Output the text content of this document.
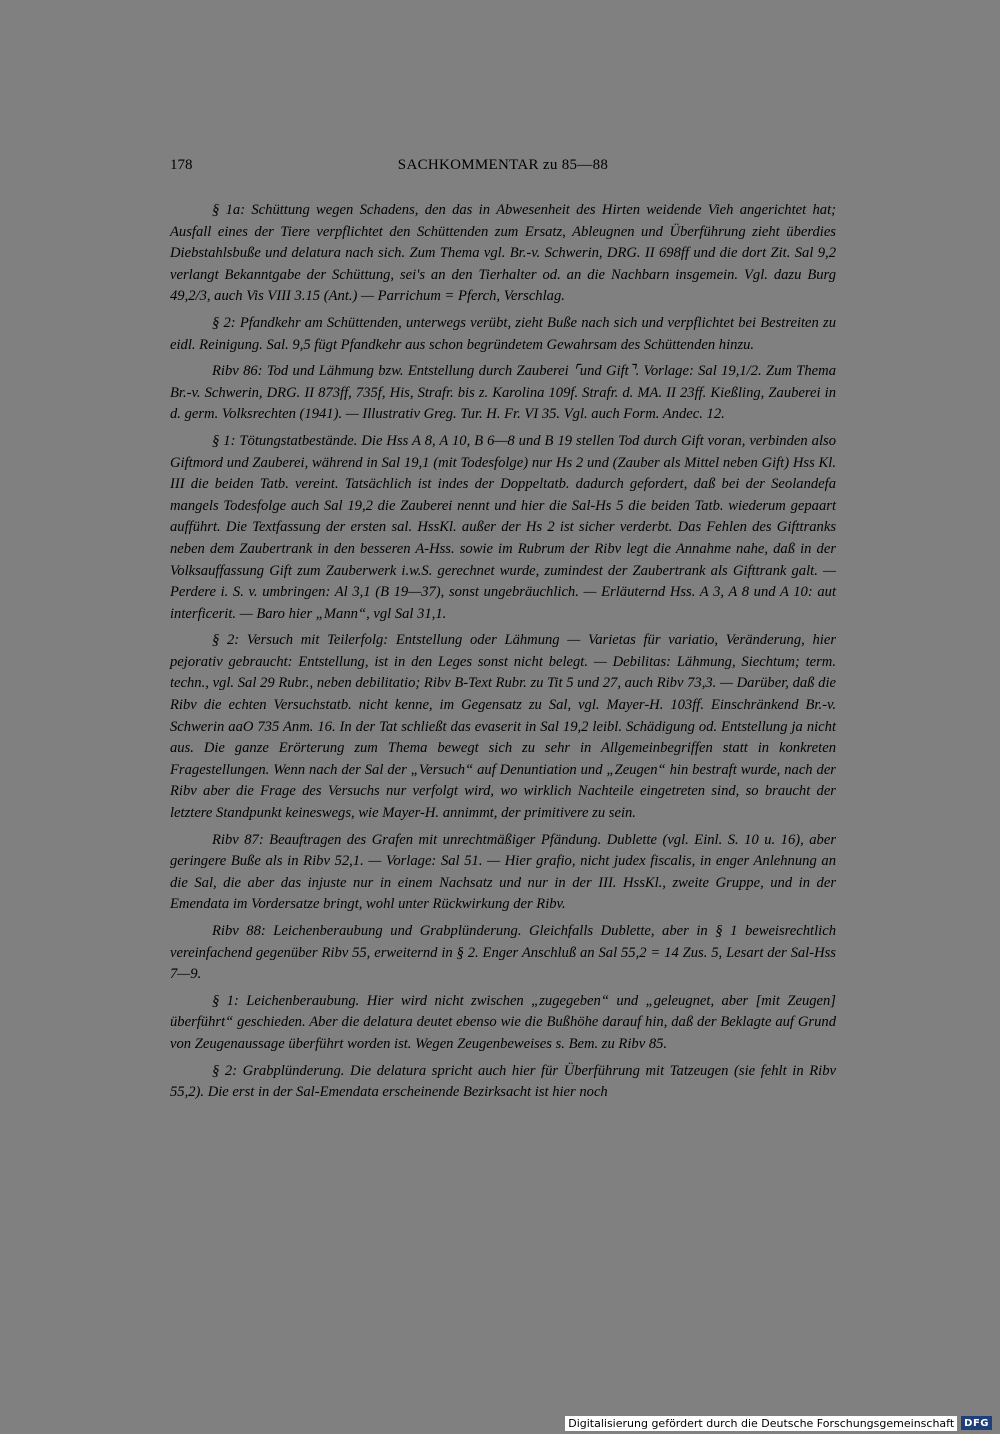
178	SACHKOMMENTAR zu 85—88

§ 1a: Schüttung wegen Schadens, den das in Abwesenheit des Hirten weidende Vieh angerichtet hat; Ausfall eines der Tiere verpflichtet den Schüttenden zum Ersatz, Ableugnen und Überführung zieht überdies Diebstahlsbuße und delatura nach sich. Zum Thema vgl. Br.-v. Schwerin, DRG. II 698ff und die dort Zit. Sal 9,2 verlangt Bekanntgabe der Schüttung, sei's an den Tierhalter od. an die Nachbarn insgemein. Vgl. dazu Burg 49,2/3, auch Vis VIII 3.15 (Ant.) — Parrichum = Pferch, Verschlag.

§ 2: Pfandkehr am Schüttenden, unterwegs verübt, zieht Buße nach sich und verpflichtet bei Bestreiten zu eidl. Reinigung. Sal. 9,5 fügt Pfandkehr aus schon begründetem Gewahrsam des Schüttenden hinzu.

Ribv 86: Tod und Lähmung bzw. Entstellung durch Zauberei ⌜und Gift⌝. Vorlage: Sal 19,1/2. Zum Thema Br.-v. Schwerin, DRG. II 873ff, 735f, His, Strafr. bis z. Karolina 109f. Strafr. d. MA. II 23ff. Kießling, Zauberei in d. germ. Volksrechten (1941). — Illustrativ Greg. Tur. H. Fr. VI 35. Vgl. auch Form. Andec. 12.

§ 1: Tötungstatbestände. Die Hss A 8, A 10, B 6—8 und B 19 stellen Tod durch Gift voran, verbinden also Giftmord und Zauberei, während in Sal 19,1 (mit Todesfolge) nur Hs 2 und (Zauber als Mittel neben Gift) Hss Kl. III die beiden Tatb. vereint. Tatsächlich ist indes der Doppeltatb. dadurch gefordert, daß bei der Seolandefa mangels Todesfolge auch Sal 19,2 die Zauberei nennt und hier die Sal-Hs 5 die beiden Tatb. wiederum gepaart aufführt. Die Textfassung der ersten sal. HssKl. außer der Hs 2 ist sicher verderbt. Das Fehlen des Gifttranks neben dem Zaubertrank in den besseren A-Hss. sowie im Rubrum der Ribv legt die Annahme nahe, daß in der Volksauffassung Gift zum Zauberwerk i.w.S. gerechnet wurde, zumindest der Zaubertrank als Gifttrank galt. — Perdere i. S. v. umbringen: Al 3,1 (B 19—37), sonst ungebräuchlich. — Erläuternd Hss. A 3, A 8 und A 10: aut interficerit. — Baro hier „Mann“, vgl Sal 31,1.

§ 2: Versuch mit Teilerfolg: Entstellung oder Lähmung — Varietas für variatio, Veränderung, hier pejorativ gebraucht: Entstellung, ist in den Leges sonst nicht belegt. — Debilitas: Lähmung, Siechtum; term. techn., vgl. Sal 29 Rubr., neben debilitatio; Ribv B-Text Rubr. zu Tit 5 und 27, auch Ribv 73,3. — Darüber, daß die Ribv die echten Versuchstatb. nicht kenne, im Gegensatz zu Sal, vgl. Mayer-H. 103ff. Einschränkend Br.-v. Schwerin aaO 735 Anm. 16. In der Tat schließt das evaserit in Sal 19,2 leibl. Schädigung od. Entstellung ja nicht aus. Die ganze Erörterung zum Thema bewegt sich zu sehr in Allgemeinbegriffen statt in konkreten Fragestellungen. Wenn nach der Sal der „Versuch“ auf Denuntiation und „Zeugen“ hin bestraft wurde, nach der Ribv aber die Frage des Versuchs nur verfolgt wird, wo wirklich Nachteile eingetreten sind, so braucht der letztere Standpunkt keineswegs, wie Mayer-H. annimmt, der primitivere zu sein.

Ribv 87: Beauftragen des Grafen mit unrechtmäßiger Pfändung. Dublette (vgl. Einl. S. 10 u. 16), aber geringere Buße als in Ribv 52,1. — Vorlage: Sal 51. — Hier grafio, nicht judex fiscalis, in enger Anlehnung an die Sal, die aber das injuste nur in einem Nachsatz und nur in der III. HssKl., zweite Gruppe, und in der Emendata im Vordersatze bringt, wohl unter Rückwirkung der Ribv.

Ribv 88: Leichenberaubung und Grabplünderung. Gleichfalls Dublette, aber in § 1 beweisrechtlich vereinfachend gegenüber Ribv 55, erweiternd in § 2. Enger Anschluß an Sal 55,2 = 14 Zus. 5, Lesart der Sal-Hss 7—9.

§ 1: Leichenberaubung. Hier wird nicht zwischen „zugegeben“ und „geleugnet, aber [mit Zeugen] überführt“ geschieden. Aber die delatura deutet ebenso wie die Bußhöhe darauf hin, daß der Beklagte auf Grund von Zeugenaussage überführt worden ist. Wegen Zeugenbeweises s. Bem. zu Ribv 85.

§ 2: Grabplünderung. Die delatura spricht auch hier für Überführung mit Tatzeugen (sie fehlt in Ribv 55,2). Die erst in der Sal-Emendata erscheinende Bezirksacht ist hier noch

Digitalisierung gefördert durch die Deutsche Forschungsgemeinschaft	DFG
